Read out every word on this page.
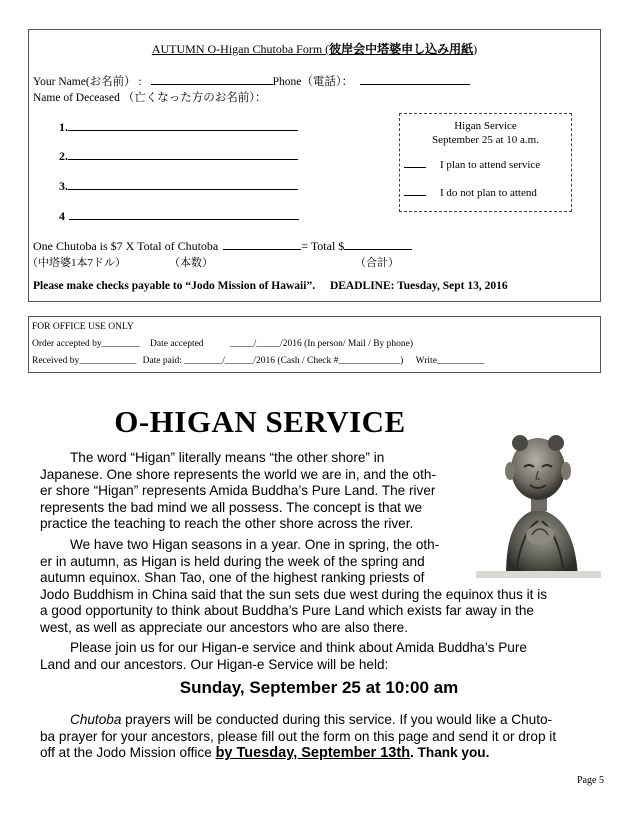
AUTUMN O-Higan Chutoba Form (彼岸会中塔婆申し込み用紙)
Your Name(お名前） :	Phone（電話）：
Name of Deceased （亡くなった方のお名前）：
1.
2.
3.
4
Higan Service
September 25 at 10 a.m.
I plan to attend service
I do not plan to attend
One Chutoba is $7 X Total of Chutoba	= Total $
（中塔婆1本7ドル）	（本数）	（合計）
Please make checks payable to “Jodo Mission of Hawaii”. DEADLINE: Tuesday, Sept 13, 2016
FOR OFFICE USE ONLY
Order accepted by________ Date accepted	_____/_____/2016 (In person/ Mail / By phone)
Received by____________ Date paid: ________/______/2016 (Cash / Check #_____________) Write__________
O-HIGAN SERVICE
The word “Higan” literally means “the other shore” in
Japanese. One shore represents the world we are in, and the oth-
er shore “Higan” represents Amida Buddha’s Pure Land. The river
represents the bad mind we all possess. The concept is that we
practice the teaching to reach the other shore across the river.
We have two Higan seasons in a year. One in spring, the oth-
er in autumn, as Higan is held during the week of the spring and
autumn equinox. Shan Tao, one of the highest ranking priests of
Jodo Buddhism in China said that the sun sets due west during the equinox thus it is
a good opportunity to think about Buddha’s Pure Land which exists far away in the
west, as well as appreciate our ancestors who are also there.
Please join us for our Higan-e service and think about Amida Buddha’s Pure
Land and our ancestors. Our Higan-e Service will be held:
Sunday, September 25 at 10:00 am
Chutoba prayers will be conducted during this service. If you would like a Chuto-
ba prayer for your ancestors, please fill out the form on this page and send it or drop it
off at the Jodo Mission office by Tuesday, September 13th. Thank you.
Page 5
